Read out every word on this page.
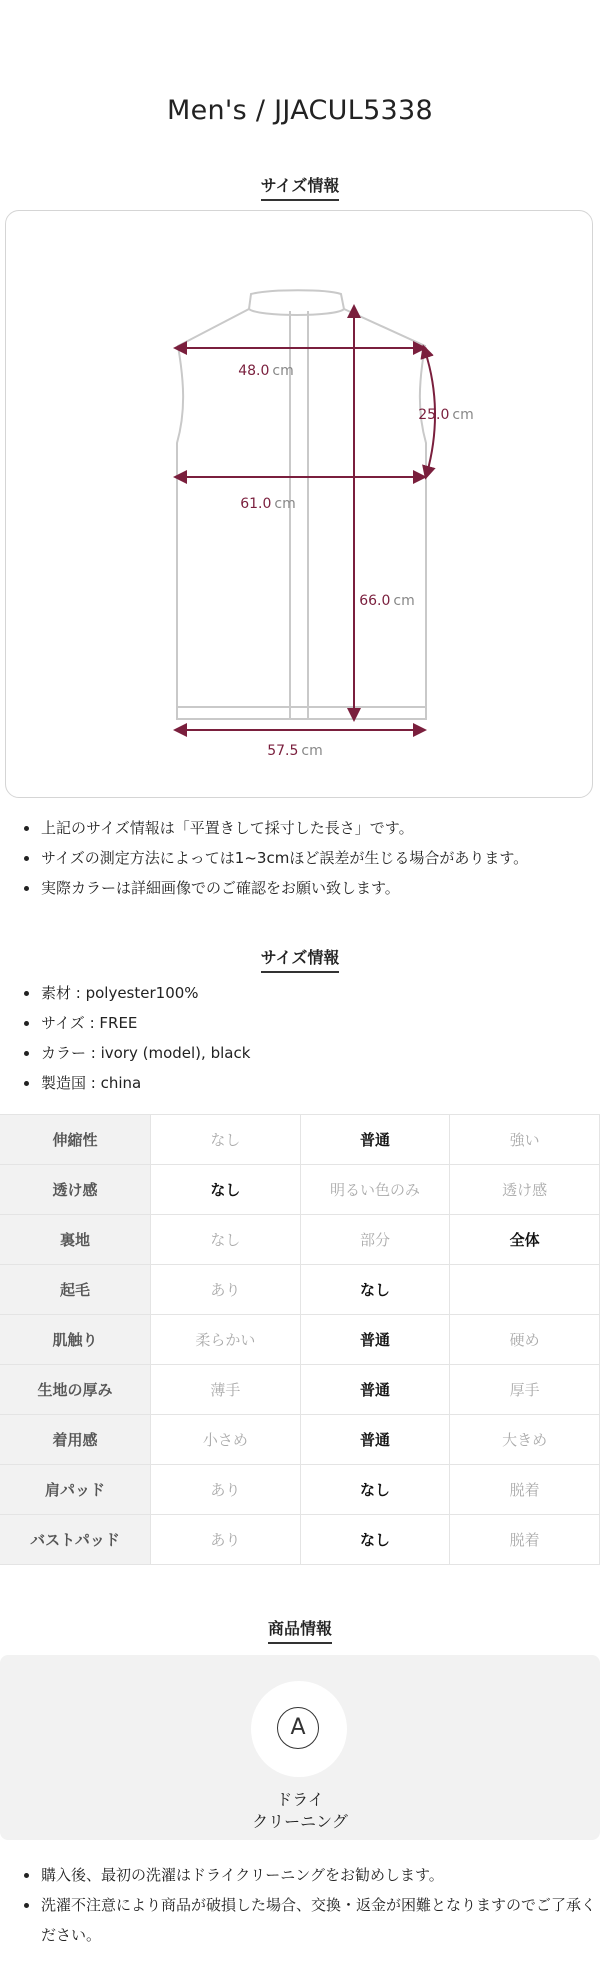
Men's / JJACUL5338
サイズ情報
48.0 cm
25.0 cm
61.0 cm
66.0 cm
57.5 cm
上記のサイズ情報は「平置きして採寸した長さ」です。
サイズの測定方法によっては1~3cmほど誤差が生じる場合があります。
実際カラーは詳細画像でのご確認をお願い致します。
サイズ情報
素材 : polyester100%
サイズ : FREE
カラー : ivory (model), black
製造国 : china
伸縮性	なし	普通	強い
透け感	なし	明るい色のみ	透け感
裏地	なし	部分	全体
起毛	あり	なし	
肌触り	柔らかい	普通	硬め
生地の厚み	薄手	普通	厚手
着用感	小さめ	普通	大きめ
肩パッド	あり	なし	脱着
バストパッド	あり	なし	脱着
商品情報
A
ドライ
クリーニング
購入後、最初の洗濯はドライクリーニングをお勧めします。
洗濯不注意により商品が破損した場合、交換・返金が困難となりますのでご了承ください。
